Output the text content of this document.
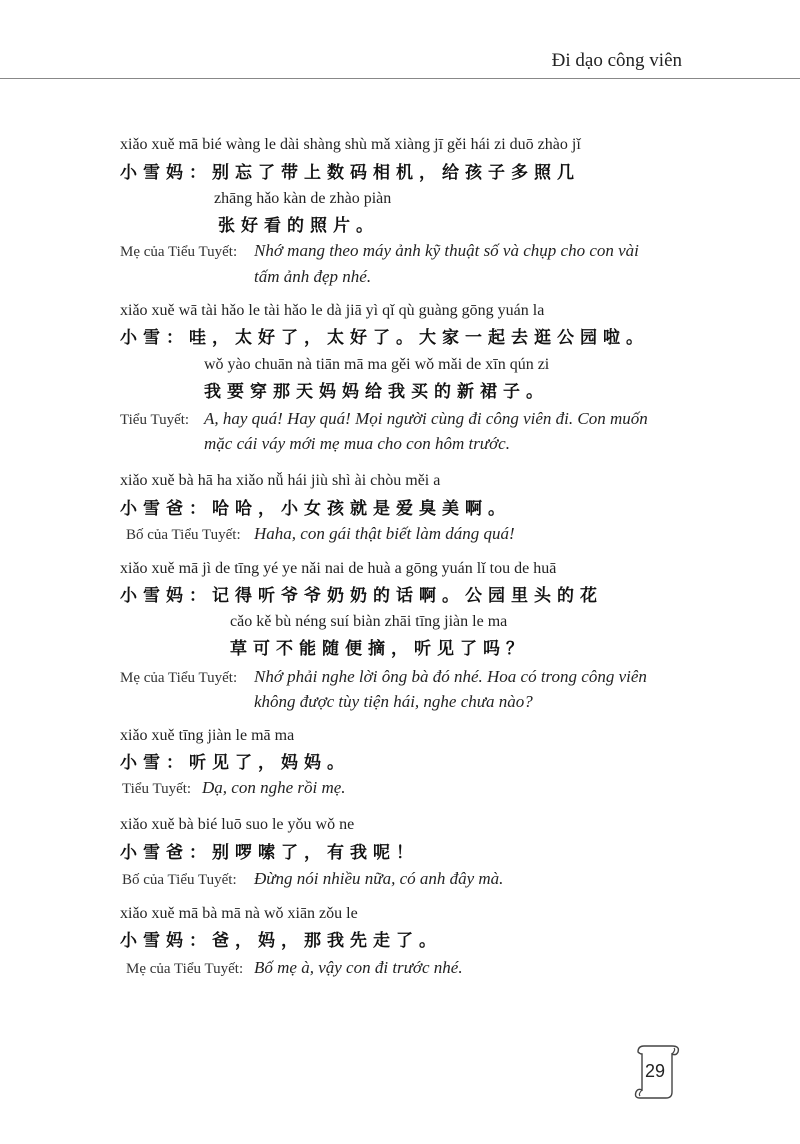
Đi dạo công viên
xiǎo xuě mā bié wàng le dài shàng shù mǎ xiàng jī gěi hái zi duō zhào jǐ
小雪妈：别忘了带上数码相机，给孩子多照几
zhāng hǎo kàn de zhào piàn
张好看的照片。
Mẹ của Tiểu Tuyết: Nhớ mang theo máy ảnh kỹ thuật số và chụp cho con vài
tấm ảnh đẹp nhé.
xiǎo xuě wā tài hǎo le tài hǎo le dà jiā yì qǐ qù guàng gōng yuán la
小雪：哇，太好了，太好了。大家一起去逛公园啦。
wǒ yào chuān nà tiān mā ma gěi wǒ mǎi de xīn qún zi
我要穿那天妈妈给我买的新裙子。
Tiểu Tuyết: A, hay quá! Hay quá! Mọi người cùng đi công viên đi. Con muốn
mặc cái váy mới mẹ mua cho con hôm trước.
xiǎo xuě bà hā ha xiǎo nǚ hái jiù shì ài chòu měi a
小雪爸：哈哈，小女孩就是爱臭美啊。
Bố của Tiểu Tuyết: Haha, con gái thật biết làm dáng quá!
xiǎo xuě mā jì de tīng yé ye nǎi nai de huà a gōng yuán lǐ tou de huā
小雪妈：记得听爷爷奶奶的话啊。公园里头的花
cǎo kě bù néng suí biàn zhāi tīng jiàn le ma
草可不能随便摘，听见了吗？
Mẹ của Tiểu Tuyết: Nhớ phải nghe lời ông bà đó nhé. Hoa có trong công viên
không được tùy tiện hái, nghe chưa nào?
xiǎo xuě tīng jiàn le mā ma
小雪：听见了，妈妈。
Tiểu Tuyết: Dạ, con nghe rồi mẹ.
xiǎo xuě bà bié luō suo le yǒu wǒ ne
小雪爸：别啰嗦了，有我呢！
Bố của Tiểu Tuyết: Đừng nói nhiều nữa, có anh đây mà.
xiǎo xuě mā bà mā nà wǒ xiān zǒu le
小雪妈：爸，妈，那我先走了。
Mẹ của Tiểu Tuyết: Bố mẹ à, vậy con đi trước nhé.
29
